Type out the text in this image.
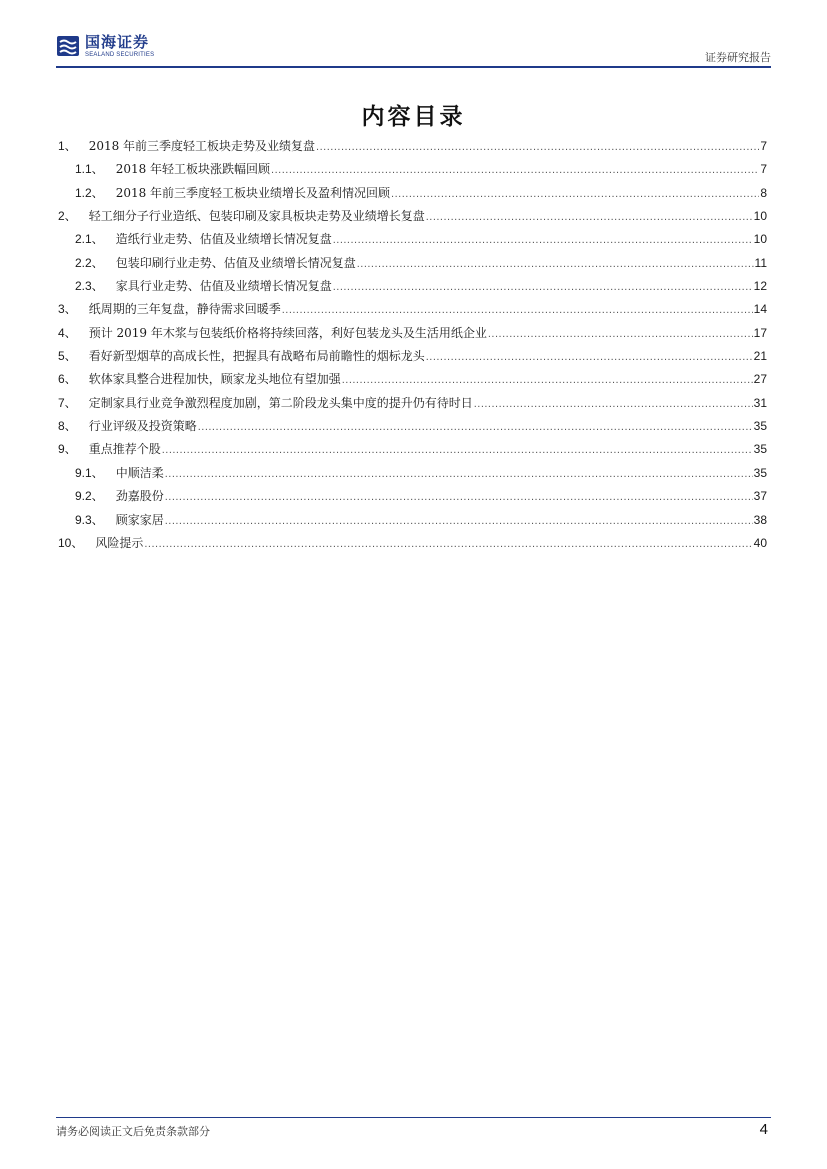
国海证券
SEALAND SECURITIES	证券研究报告
内容目录
1、 2018 年前三季度轻工板块走势及业绩复盘 .....	7
1.1、 2018 年轻工板块涨跌幅回顾 .....	7
1.2、 2018 年前三季度轻工板块业绩增长及盈利情况回顾 .....	8
2、 轻工细分子行业造纸、包装印刷及家具板块走势及业绩增长复盘 .....	10
2.1、 造纸行业走势、估值及业绩增长情况复盘 .....	10
2.2、 包装印刷行业走势、估值及业绩增长情况复盘 .....	11
2.3、 家具行业走势、估值及业绩增长情况复盘 .....	12
3、 纸周期的三年复盘，静待需求回暖季 .....	14
4、 预计 2019 年木浆与包装纸价格将持续回落，利好包装龙头及生活用纸企业 .....	17
5、 看好新型烟草的高成长性，把握具有战略布局前瞻性的烟标龙头 .....	21
6、 软体家具整合进程加快，顾家龙头地位有望加强 .....	27
7、 定制家具行业竞争激烈程度加剧，第二阶段龙头集中度的提升仍有待时日 .....	31
8、 行业评级及投资策略 .....	35
9、 重点推荐个股 .....	35
9.1、 中顺洁柔 .....	35
9.2、 劲嘉股份 .....	37
9.3、 顾家家居 .....	38
10、 风险提示 .....	40
请务必阅读正文后免责条款部分	4
